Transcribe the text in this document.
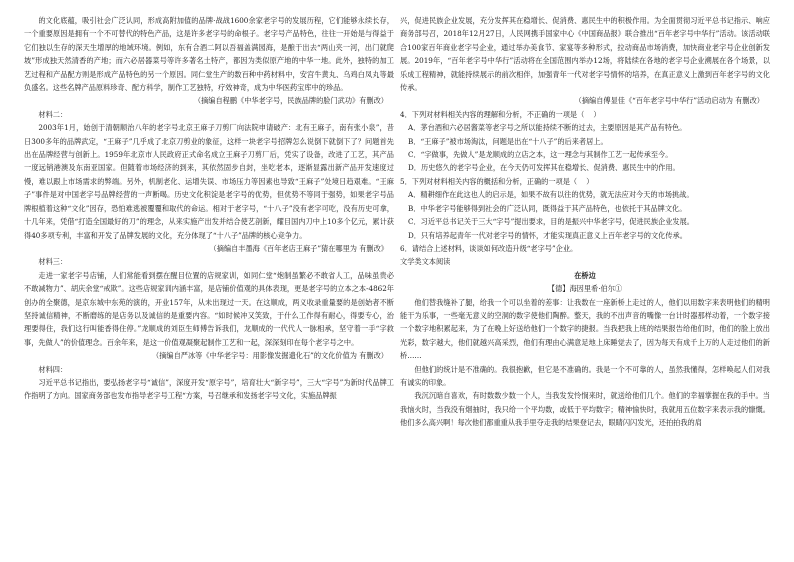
的文化底蕴，吸引社会广泛认同，形成高附加值的品牌·战战1600余家老字号的发展历程，它们能够永续长存，一个重要原因是拥有一个不可替代的特色产品，这是许多老字号的命根子。老字号产品特色，往往一开始是与得益于它们独以生存的深天生增厚的地域环境。例如，东有合酒二阿以吾福盖满园海，是酿于出去“两山夹一河，出门就爬坡”形成独天然清香的产地；而六必居器菜号等许多著名土特产，都因为类似原产地的中华一地。此外，独特的加工艺过程和产品配方则是形成产品特色的另一个原因。同仁堂生产的数百种中药材料中，安宫牛黄丸、乌鸡白凤丸等最负盛名。这些名牌产品原料珍奇、配方科学，制作工艺独特，疗效神奇，成为中华医药宝库中的珍品。

（摘编自程鹏《中华老字号，民族品牌的脸门武功》有删改）

材料二：

2003年1月，始创于清朝顺治八年的老字号北京王麻子刀剪厂向法院申请破产：北有王麻子，南有张小泉”，昔日300多年的品牌武定，“王麻子”几乎成了北京刀剪业的象征，这样一块老字号招牌怎么说倒下就倒下了？问题首先出在品牌经营与创新上。1959年北京市人民政府正式命名成立王麻子刀剪厂后，凭实了设备，改进了工艺，其产品一度远销港澳及东南亚国家。但随着市场经济的到来，其依然固步自封，坐吃老本，逐渐显露出新产品开发速度过慢，难以跟上市场需求的弊端。另外，机制老化、运增失误、市场压力等因素也导致“王麻子”处境日趋艰难。“王麻子”事件是对中国老字号品牌经营的一声断喝。历史文化积淀是老字号的优势，但优势不等同于强势，如果老字号品牌根植着这种“文化”因存，恐怕难逃被覆覆和取代的命运。相对于老字号，“十八子”没有老字可吃，没有历史可拿，十几年来，凭借“打造全国最好的刀”的理念，从来实施产出发并结合使艺剖新，耀目国内刀中上10多个亿元，累计获得40多项专利，丰富和开发了品牌发展的文化，充分体现了“十八子”品牌的核心竞争力。

（摘编自丰墨海《百年老店王麻子”猜在哪里为 有删改》

材料三：

走进一家老字号店铺，人们常能看到摆在醒目位置的店规家训，如同仁堂“炮制虽繁必不敢省人工，品味虽贵必不敢减物力”、胡庆余堂“戒欺”。这些店规家训内涵丰富，是店铺价值观的具体表现，更是老字号的立本之本-4862年创办的全聚德，是京东城中东苑的演的，开业157年，从未出现过一天。在这顺成，两义收录重量要的是创始者不断坚持诚信精神，不断磨练的是店务以及诚信的是重要内容。“如时候冲又笑致，于什么工作得有耐心，得要专心，治理要得住，我们这行叫能香得住停。”龙顺成的刘臣生师傅告诉我们，龙顺成的一代代人一脉相承，坚守着一手“字救事，先做人”的价值理念。百余年来，是这一价值观凝聚起制作工艺和一起，深深刻印在每个老字号之中。

（摘编自严冰等《中华老字号：用影像发掘遗化石”的文化价值为 有删改）

材料四：

习近平总书记指出，要弘扬老字号“诚信”，深度开发“原字号”，培育壮大“新字号”，三大“字号”为新时代品牌工作指明了方向。国家商务部也发布指导老字号工程“方案，号召继承和发扬老字号文化，实施品牌振

兴，促进民族企业发展，充分发挥其在稳增长、促消费、惠民生中的积极作用。为全面贯彻习近平总书记指示、响应商务部号召，2018年12月27日，人民网携手国家中心《中国商品报》联合推出“百年老字号中华行”活动。该活动联合100家百年商业老字号企业，通过举办美食节、家宴等多种形式，拉动商品市场消费，加快商业老字号企业创新发展。2019年，“百年老字号中华行”活动将在全国范围内举办12场，将陆续在各地的老字号企业溯展在各个场景，以乐成工程精神，就能持续展示的前次相伴，加强青年一代对老字号情怀的培养，在真正意义上激到百年老字号的文化传承。

（摘编自傅显佳《“百年老字号中华行”活动启动为 有删改）

4．下列对材料相关内容的理解和分析，不正确的一项是（    ）

A．茅台酒和六必居酱菜等老字号之所以能持续不断的过去，主要原因是其产品有特色。

B．“王麻子”被市场淘汰，问题是出在“十八子”的后来者居上。

C．“字做事，先做人”是龙顺成的立店之本，这一理念与其制作工艺一起传承至今。

D．历史悠久的老字号企业，在今天仍可发挥其在稳增长、促消费、惠民生中的作用。

5．下列对材料相关内容的概括和分析，正确的一项是（    ）

A．精耕细作在此这也人的启示是，如果不故有以往的优势，就无法应对今天的市场挑战。

B．中华老字号能够得到社会的广泛认同，既得益于其产品特色，也依托于其品牌文化。

C．习近平总书记关于三大“字号”提出要求，目的是振兴中华老字号，促进民族企业发展。

D．只有培养起青年一代对老字号的情怀，才能实现真正意义上百年老字号的文化传承。

6．请结合上述材料，谈谈如何改造升级“老字号”企业。

文学类文本阅读

在桥边

【德】海因里希·伯尔①

他们替我缝补了腿，给我一个可以坐着的差事：让我数在一座新桥上走过的人，他们以用数字来表明他们的精明能干为乐事，一些毫无意义的空洞的数字使他们陶醉。整天，我的不出声音的嘴像一台计时器那样动着，一个数字接一个数字地积累起来，为了在晚上好送给他们一个数字的捷报。当我把我上班的结果报告给他们时，他们的脸上放出光彩，数字越大，他们就越兴高采烈，他们有理由心满意足地上床睡觉去了，因为每天有成千上万的人走过他们的新桥……

但他们的统计是不准确的。我很抱歉，但它是不准确的。我是一个不可靠的人，虽然我懂得，怎样唤起人们对我有诚实的印象。

我沉沉暗自喜欢，有时数数少数一个人，当我发发怜悯来时，就送给他们几个。他们的幸福掌握在我的手中。当我恼火时，当我没有烟抽时，我只给一个平均数，或低于平均数字；精神愉快时，我就用五位数字来表示我的慷慨。他们多么高兴啊！每次他们都重重从我手里夺走我的结果登记去，眼睛闪闪发光，还拍拍我的肩
